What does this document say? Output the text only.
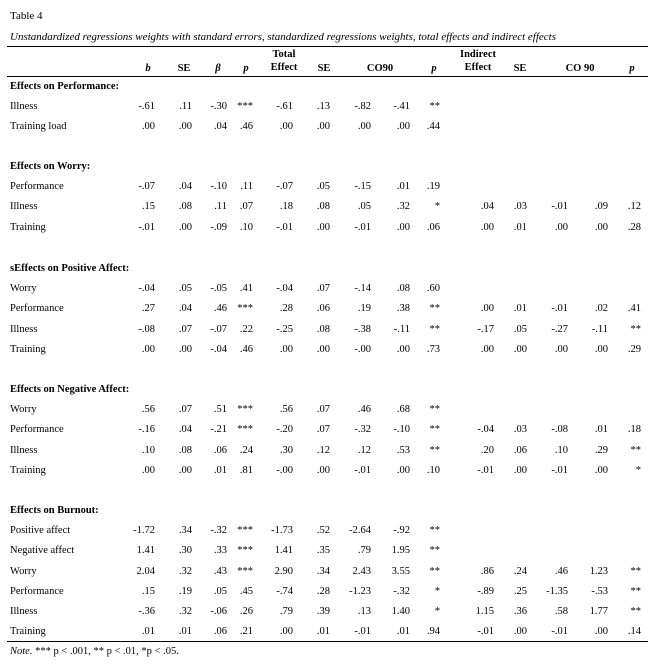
Table 4
Unstandardized regressions weights with standard errors, standardized regressions weights, total effects and indirect effects
b	SE	β	p
Total
Effect	SE	CO90	p
Indirect
Effect	SE	CO 90	p
Effects on Performance:
Illness	-.61	.11	-.30 ***	-.61	.13	-.82	-.41	**
Training load	.00	.00	.04	.46	.00	.00	.00	.00	.44
Effects on Worry:
Performance	-.07	.04	-.10	.11	-.07	.05	-.15	.01	.19
Illness	.15	.08	.11	.07	.18	.08	.05	.32	*	.04	.03	-.01	.09	.12
Training	-.01	.00	-.09	.10	-.01	.00	-.01	.00	.06	.00	.01	.00	.00	.28
sEffects on Positive Affect:
Worry	-.04	.05	-.05	.41	-.04	.07	-.14	.08	.60
Performance	.27	.04	.46 ***	.28	.06	.19	.38	**	.00	.01	-.01	.02	.41
Illness	-.08	.07	-.07	.22	-.25	.08	-.38	-.11	**	-.17	.05	-.27	-.11	**
Training	.00	.00	-.04	.46	.00	.00	-.00	.00	.73	.00	.00	.00	.00	.29
Effects on Negative Affect:
Worry	.56	.07	.51 ***	.56	.07	.46	.68	**
Performance	-.16	.04	-.21 ***	-.20	.07	-.32	-.10	**	-.04	.03	-.08	.01	.18
Illness	.10	.08	.06	.24	.30	.12	.12	.53	**	.20	.06	.10	.29	**
Training	.00	.00	.01	.81	-.00	.00	-.01	.00	.10	-.01	.00	-.01	.00	*
Effects on Burnout:
Positive affect	-1.72	.34	-.32 ***	-1.73	.52	-2.64	-.92	**
Negative affect	1.41	.30	.33 ***	1.41	.35	.79	1.95	**
Worry	2.04	.32	.43 ***	2.90	.34	2.43	3.55	**	.86	.24	.46	1.23	**
Performance	.15	.19	.05	.45	-.74	.28	-1.23	-.32	*	-.89	.25	-1.35	-.53	**
Illness	-.36	.32	-.06	.26	.79	.39	.13	1.40	*	1.15	.36	.58	1.77	**
Training	.01	.01	.06	.21	.00	.01	-.01	.01	.94	-.01	.00	-.01	.00	.14
Note. *** p < .001, ** p < .01, *p < .05.
